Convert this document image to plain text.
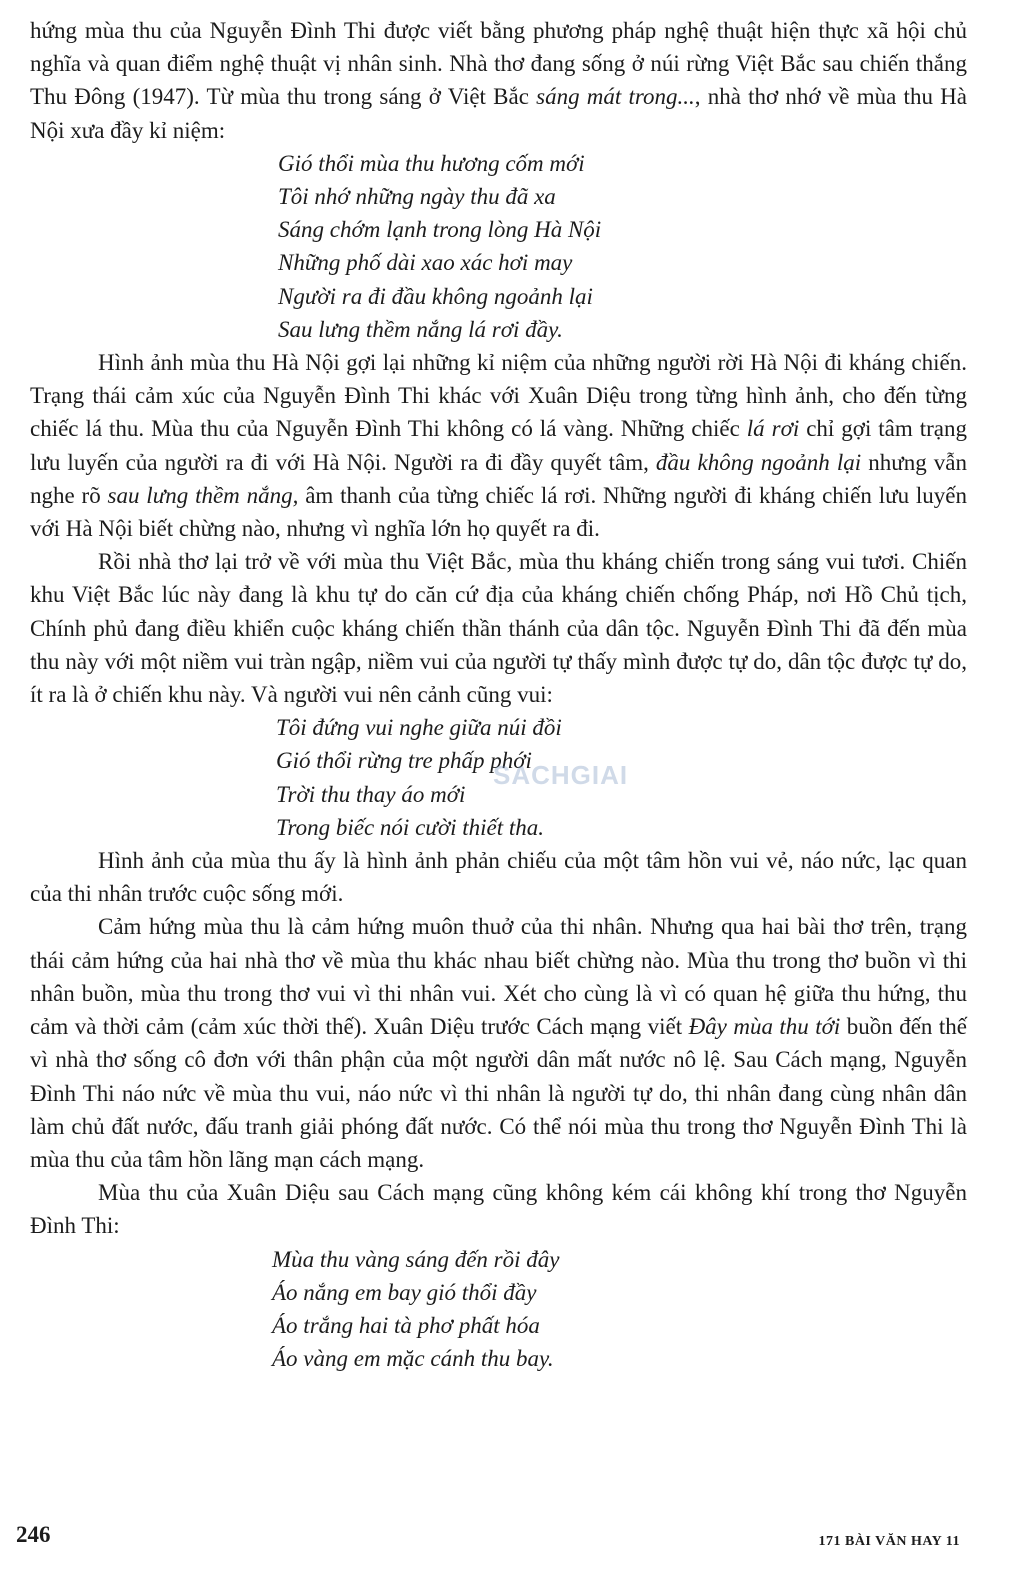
hứng mùa thu của Nguyễn Đình Thi được viết bằng phương pháp nghệ thuật hiện thực xã hội chủ nghĩa và quan điểm nghệ thuật vị nhân sinh. Nhà thơ đang sống ở núi rừng Việt Bắc sau chiến thắng Thu Đông (1947). Từ mùa thu trong sáng ở Việt Bắc sáng mát trong..., nhà thơ nhớ về mùa thu Hà Nội xưa đầy kỉ niệm:

Gió thổi mùa thu hương cốm mới
Tôi nhớ những ngày thu đã xa
Sáng chớm lạnh trong lòng Hà Nội
Những phố dài xao xác hơi may
Người ra đi đầu không ngoảnh lại
Sau lưng thềm nắng lá rơi đầy.

Hình ảnh mùa thu Hà Nội gợi lại những kỉ niệm của những người rời Hà Nội đi kháng chiến. Trạng thái cảm xúc của Nguyễn Đình Thi khác với Xuân Diệu trong từng hình ảnh, cho đến từng chiếc lá thu. Mùa thu của Nguyễn Đình Thi không có lá vàng. Những chiếc lá rơi chỉ gợi tâm trạng lưu luyến của người ra đi với Hà Nội. Người ra đi đầy quyết tâm, đầu không ngoảnh lại nhưng vẫn nghe rõ sau lưng thềm nắng, âm thanh của từng chiếc lá rơi. Những người đi kháng chiến lưu luyến với Hà Nội biết chừng nào, nhưng vì nghĩa lớn họ quyết ra đi.

Rồi nhà thơ lại trở về với mùa thu Việt Bắc, mùa thu kháng chiến trong sáng vui tươi. Chiến khu Việt Bắc lúc này đang là khu tự do căn cứ địa của kháng chiến chống Pháp, nơi Hồ Chủ tịch, Chính phủ đang điều khiển cuộc kháng chiến thần thánh của dân tộc. Nguyễn Đình Thi đã đến mùa thu này với một niềm vui tràn ngập, niềm vui của người tự thấy mình được tự do, dân tộc được tự do, ít ra là ở chiến khu này. Và người vui nên cảnh cũng vui:

Tôi đứng vui nghe giữa núi đồi
Gió thổi rừng tre phấp phới
Trời thu thay áo mới
Trong biếc nói cười thiết tha.

Hình ảnh của mùa thu ấy là hình ảnh phản chiếu của một tâm hồn vui vẻ, náo nức, lạc quan của thi nhân trước cuộc sống mới.

Cảm hứng mùa thu là cảm hứng muôn thuở của thi nhân. Nhưng qua hai bài thơ trên, trạng thái cảm hứng của hai nhà thơ về mùa thu khác nhau biết chừng nào. Mùa thu trong thơ buồn vì thi nhân buồn, mùa thu trong thơ vui vì thi nhân vui. Xét cho cùng là vì có quan hệ giữa thu hứng, thu cảm và thời cảm (cảm xúc thời thế). Xuân Diệu trước Cách mạng viết Đây mùa thu tới buồn đến thế vì nhà thơ sống cô đơn với thân phận của một người dân mất nước nô lệ. Sau Cách mạng, Nguyễn Đình Thi náo nức về mùa thu vui, náo nức vì thi nhân là người tự do, thi nhân đang cùng nhân dân làm chủ đất nước, đấu tranh giải phóng đất nước. Có thể nói mùa thu trong thơ Nguyễn Đình Thi là mùa thu của tâm hồn lãng mạn cách mạng.

Mùa thu của Xuân Diệu sau Cách mạng cũng không kém cái không khí trong thơ Nguyễn Đình Thi:

Mùa thu vàng sáng đến rồi đây
Áo nắng em bay gió thổi đầy
Áo trắng hai tà phơ phất hóa
Áo vàng em mặc cánh thu bay.
SACHGIAI
246	171 BÀI VĂN HAY 11
